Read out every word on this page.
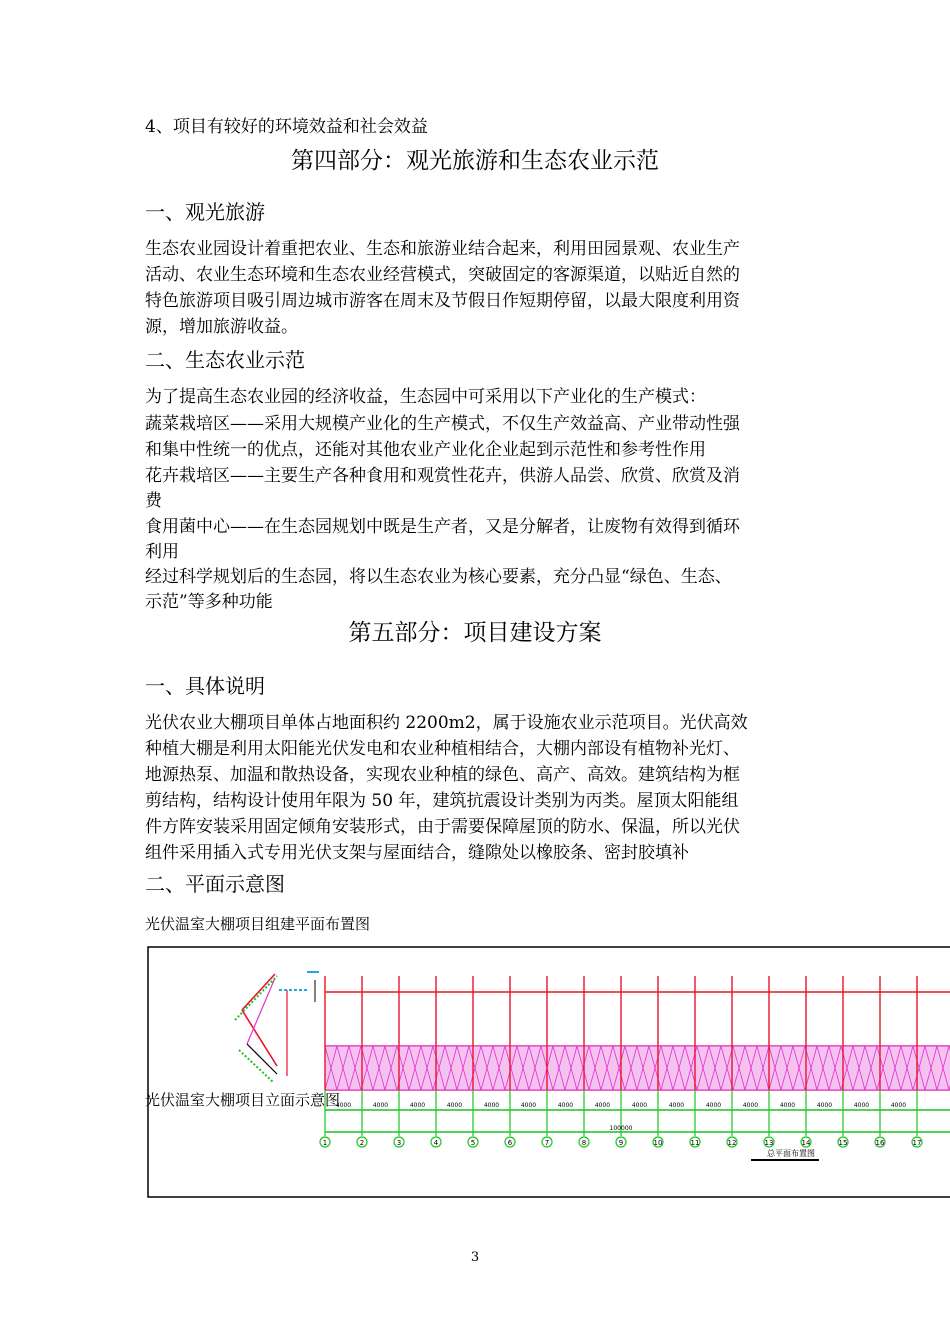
4、项目有较好的环境效益和社会效益
第四部分：观光旅游和生态农业示范
一、观光旅游
生态农业园设计着重把农业、生态和旅游业结合起来，利用田园景观、农业生产
活动、农业生态环境和生态农业经营模式，突破固定的客源渠道，以贴近自然的
特色旅游项目吸引周边城市游客在周末及节假日作短期停留，以最大限度利用资
源，增加旅游收益。
二、生态农业示范
为了提高生态农业园的经济收益，生态园中可采用以下产业化的生产模式：
蔬菜栽培区——采用大规模产业化的生产模式，不仅生产效益高、产业带动性强
和集中性统一的优点，还能对其他农业产业化企业起到示范性和参考性作用
花卉栽培区——主要生产各种食用和观赏性花卉，供游人品尝、欣赏、欣赏及消
费
食用菌中心——在生态园规划中既是生产者，又是分解者，让废物有效得到循环
利用
经过科学规划后的生态园，将以生态农业为核心要素，充分凸显“绿色、生态、
示范”等多种功能
第五部分：项目建设方案
一、具体说明
光伏农业大棚项目单体占地面积约 2200m2，属于设施农业示范项目。光伏高效
种植大棚是利用太阳能光伏发电和农业种植相结合，大棚内部设有植物补光灯、
地源热泵、加温和散热设备，实现农业种植的绿色、高产、高效。建筑结构为框
剪结构，结构设计使用年限为 50 年，建筑抗震设计类别为丙类。屋顶太阳能组
件方阵安装采用固定倾角安装形式，由于需要保障屋顶的防水、保温，所以光伏
组件采用插入式专用光伏支架与屋面结合，缝隙处以橡胶条、密封胶填补
二、平面示意图
光伏温室大棚项目组建平面布置图
1	2	3	4	5	6	7	8	9	10	11	12	13	14	15	16	17
4000	4000	4000	4000	4000	4000	4000	4000	4000	4000	4000	4000	4000	4000	4000	4000
100000
总平面布置图
光伏温室大棚项目立面示意图
3
